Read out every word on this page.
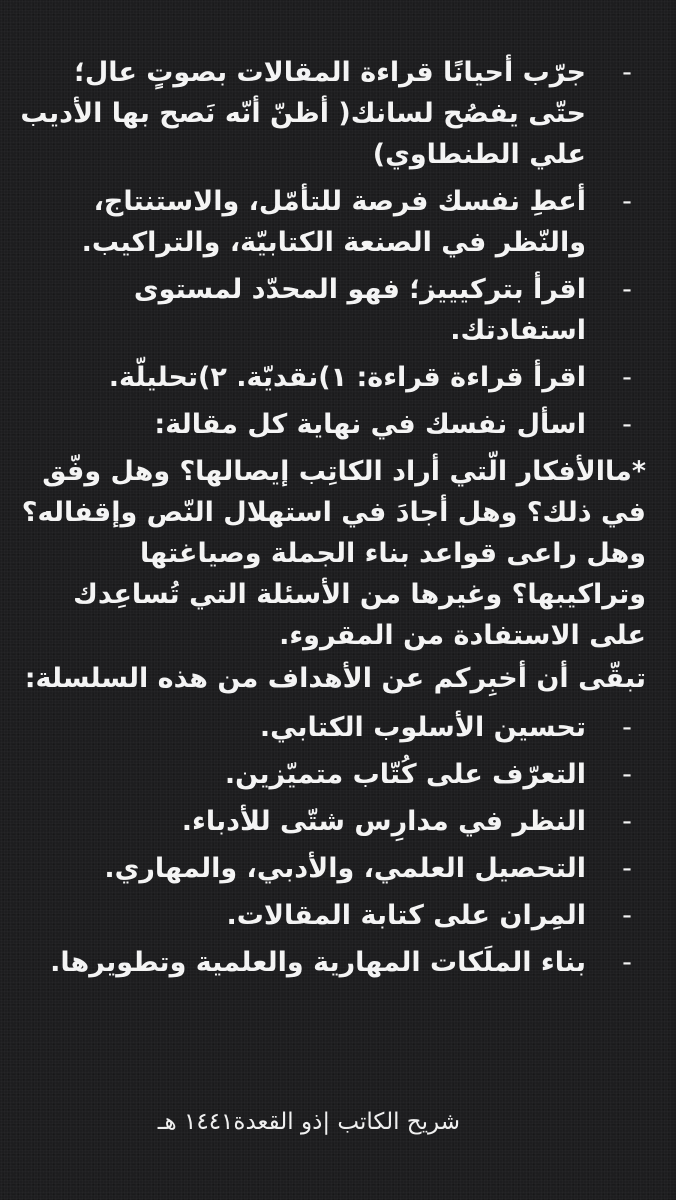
-
جرّب أحيانًا قراءة المقالات بصوتٍ عال؛ حتّى يفصُح لسانك( أظنّ أنّه نَصح بها الأديب علي الطنطاوي)
-
أعطِ نفسك فرصة للتأمّل، والاستنتاج، والنّظر في الصنعة الكتابيّة، والتراكيب.
-
اقرأ بتركيييز؛ فهو المحدّد لمستوى استفادتك.
-
اقرأ قراءة قراءة: ١)نقديّة. ٢)تحليلّة.
-
اسأل نفسك في نهاية كل مقالة:

*ماالأفكار الّتي أراد الكاتِب إيصالها؟ وهل وفّق في ذلك؟ وهل أجادَ في استهلال النّص وإقفاله؟ وهل راعى قواعد بناء الجملة وصياغتها وتراكيبها؟ وغيرها من الأسئلة التي تُساعِدك على الاستفادة من المقروء.

تبقّى أن أخبِركم عن الأهداف من هذه السلسلة:

-
تحسين الأسلوب الكتابي.
-
التعرّف على كُتّاب متميّزين.
-
النظر في مدارِس شتّى للأدباء.
-
التحصيل العلمي، والأدبي، والمهاري.
-
المِران على كتابة المقالات.
-
بناء الملَكات المهارية والعلمية وتطويرها.
شريح الكاتب |ذو القعدة١٤٤١ هـ
